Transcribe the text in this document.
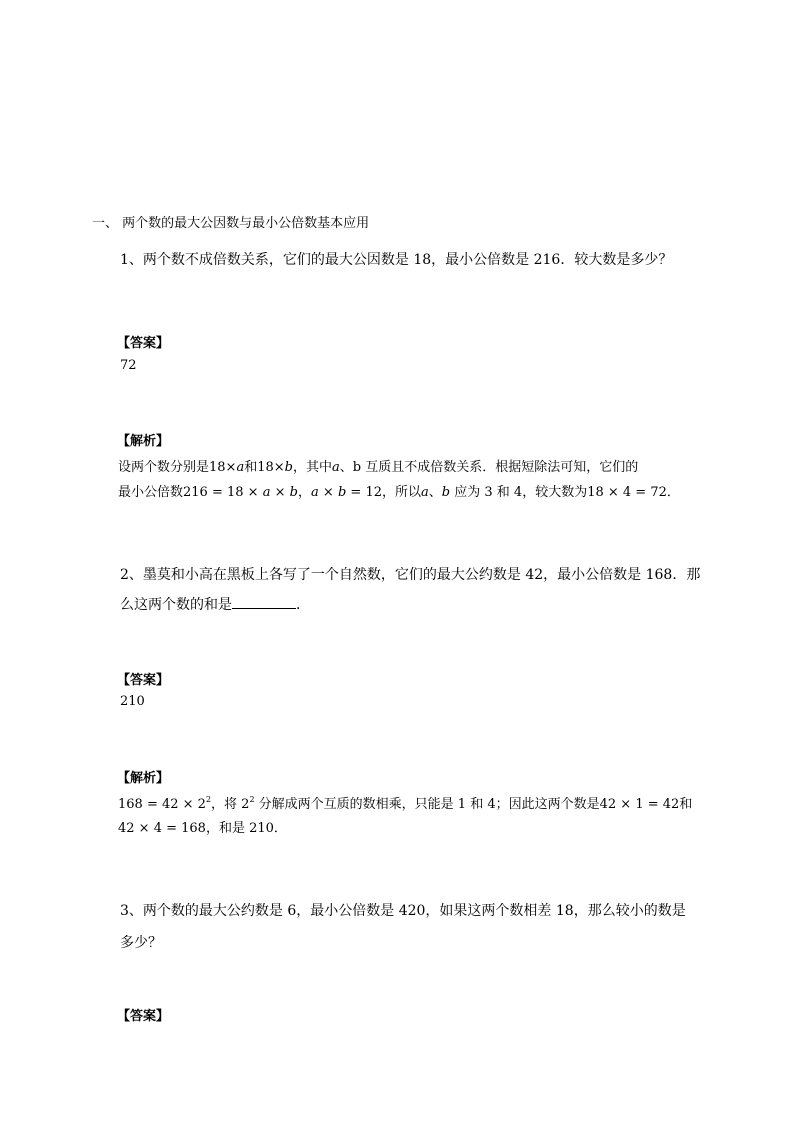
一、 两个数的最大公因数与最小公倍数基本应用
1、两个数不成倍数关系，它们的最大公因数是 18，最小公倍数是 216．较大数是多少？
【答案】
72
【解析】
设两个数分别是18×a和18×b，其中a、b 互质且不成倍数关系．根据短除法可知，它们的
最小公倍数216 = 18 × a × b，a × b = 12，所以a、b 应为 3 和 4，较大数为18 × 4 = 72．
2、墨莫和小高在黑板上各写了一个自然数，它们的最大公约数是 42，最小公倍数是 168．那
么这两个数的和是	．
【答案】
210
【解析】
$168 = 42 \times 2^2$，将 $2^2$ 分解成两个互质的数相乘，只能是 1 和 4；因此这两个数是42 × 1 = 42和
42 × 4 = 168，和是 210．
3、两个数的最大公约数是 6，最小公倍数是 420，如果这两个数相差 18，那么较小的数是
多少？
【答案】
